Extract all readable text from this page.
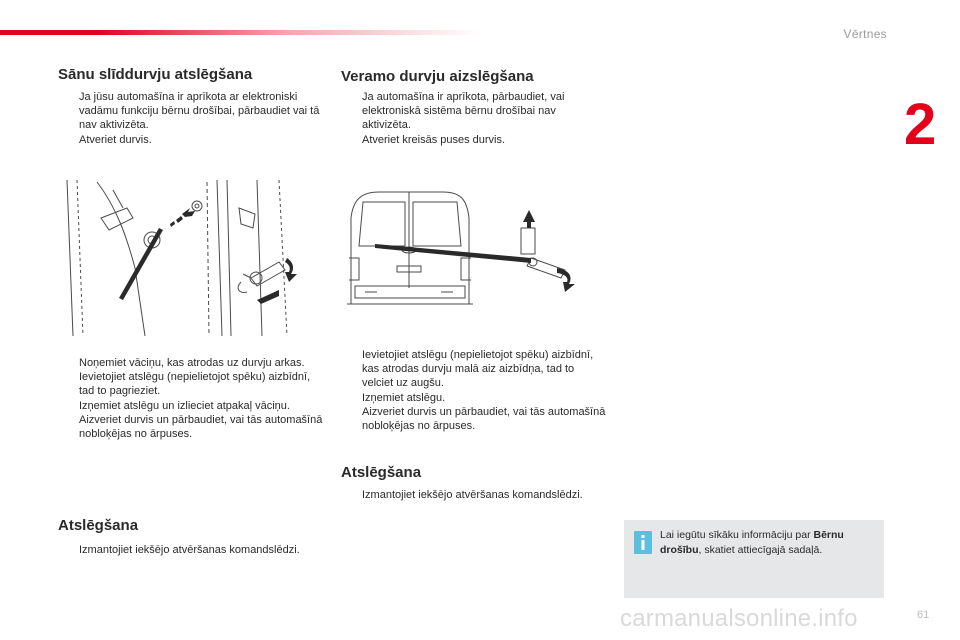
Vērtnes
2
Sānu slīddurvju atslēgšana
Ja jūsu automašīna ir aprīkota ar elektroniski vadāmu funkciju bērnu drošībai, pārbaudiet vai tā nav aktivizēta.
Atveriet durvis.
Noņemiet vāciņu, kas atrodas uz durvju arkas.
Ievietojiet atslēgu (nepielietojot spēku) aizbīdnī, tad to pagrieziet.
Izņemiet atslēgu un izlieciet atpakaļ vāciņu.
Aizveriet durvis un pārbaudiet, vai tās automašīnā nobloķējas no ārpuses.
Atslēgšana
Izmantojiet iekšējo atvēršanas komandslēdzi.
Veramo durvju aizslēgšana
Ja automašīna ir aprīkota, pārbaudiet, vai elektroniskā sistēma bērnu drošībai nav aktivizēta.
Atveriet kreisās puses durvis.
Ievietojiet atslēgu (nepielietojot spēku) aizbīdnī, kas atrodas durvju malā aiz aizbīdņa, tad to velciet uz augšu.
Izņemiet atslēgu.
Aizveriet durvis un pārbaudiet, vai tās automašīnā nobloķējas no ārpuses.
Atslēgšana
Izmantojiet iekšējo atvēršanas komandslēdzi.
Lai iegūtu sīkāku informāciju par Bērnu drošību, skatiet attiecīgajā sadaļā.
carmanualsonline.info	61
